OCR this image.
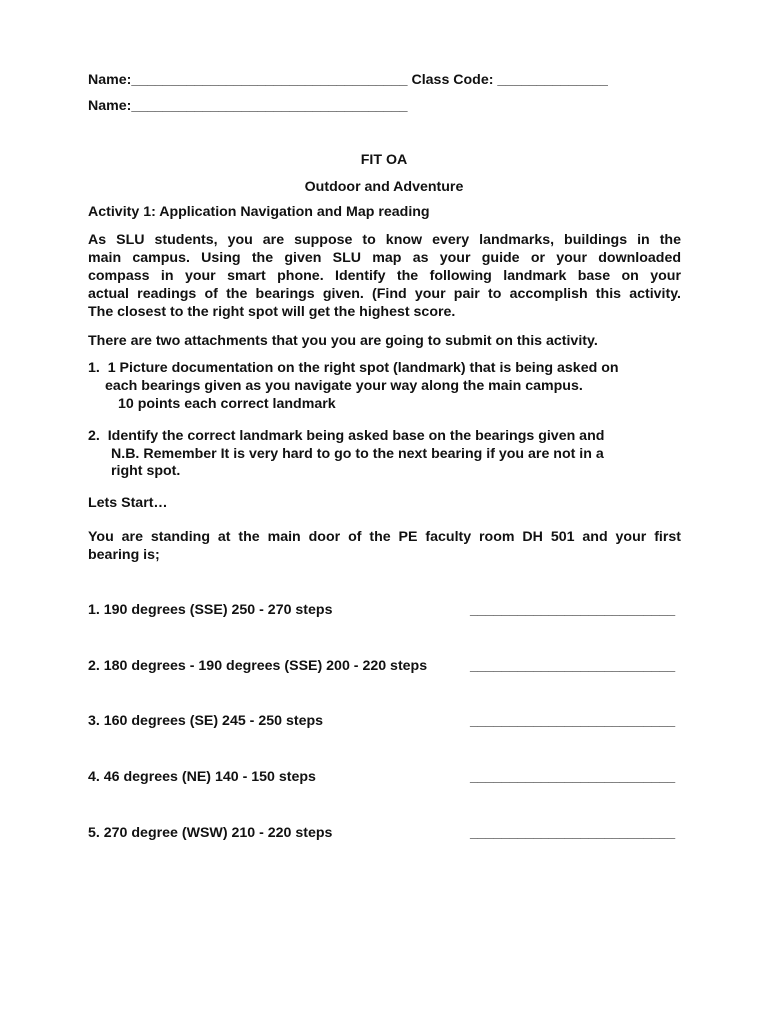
Name:___________________________________ Class Code: ______________
Name:___________________________________
FIT OA
Outdoor and Adventure
Activity 1: Application Navigation and Map reading
As SLU students, you are suppose to know every landmarks, buildings in the
main campus. Using the given SLU map as your guide or your downloaded
compass in your smart phone. Identify the following landmark base on your
actual readings of the bearings given. (Find your pair to accomplish this activity.
The closest to the right spot will get the highest score.
There are two attachments that you you are going to submit on this activity.
1.  1 Picture documentation on the right spot (landmark) that is being asked on
each bearings given as you navigate your way along the main campus.
10 points each correct landmark
2.  Identify the correct landmark being asked base on the bearings given and
N.B. Remember It is very hard to go to the next bearing if you are not in a
right spot.
Lets Start…
You are standing at the main door of the PE faculty room DH 501 and your first
bearing is;
1. 190 degrees (SSE) 250 - 270 steps	__________________________
2. 180 degrees - 190 degrees (SSE) 200 - 220 steps	__________________________
3. 160 degrees (SE) 245 - 250 steps	__________________________
4. 46 degrees (NE) 140 - 150 steps	__________________________
5. 270 degree (WSW) 210 - 220 steps	__________________________
